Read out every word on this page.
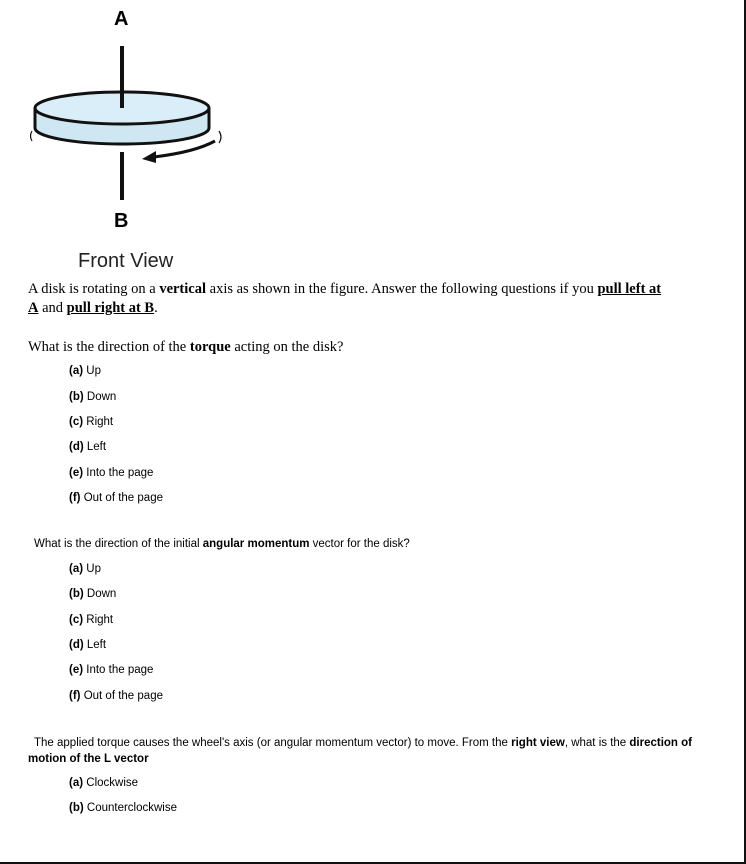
A
B
Front View
A disk is rotating on a vertical axis as shown in the figure. Answer the following questions if you pull left at
A and pull right at B.
What is the direction of the torque acting on the disk?
(a) Up
(b) Down
(c) Right
(d) Left
(e) Into the page
(f) Out of the page
What is the direction of the initial angular momentum vector for the disk?
(a) Up
(b) Down
(c) Right
(d) Left
(e) Into the page
(f) Out of the page
The applied torque causes the wheel's axis (or angular momentum vector) to move. From the right view, what is the direction of motion of the L vector
(a) Clockwise
(b) Counterclockwise
